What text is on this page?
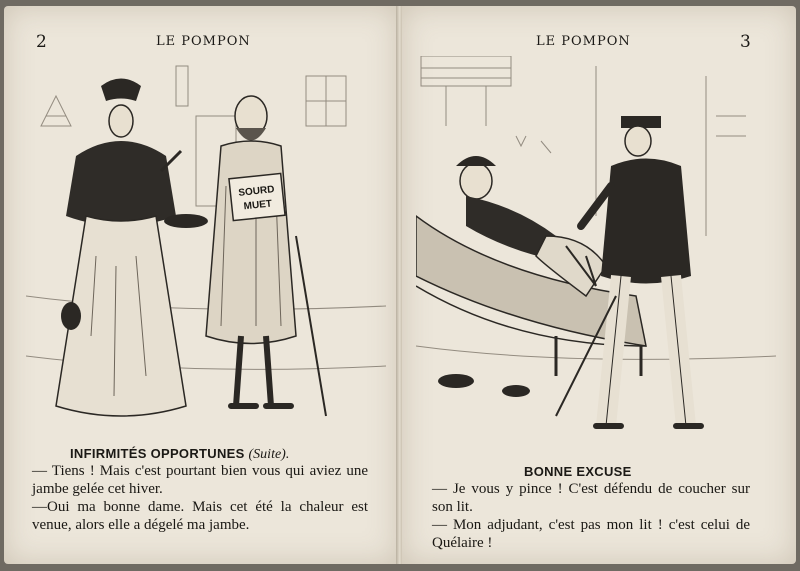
2	LE POMPON
SOURD
MUET
INFIRMITÉS OPPORTUNES (Suite).

— Tiens ! Mais c'est pourtant bien vous qui aviez une jambe gelée cet hiver.

—Oui ma bonne dame. Mais cet été la chaleur est venue, alors elle a dégelé ma jambe.

LE POMPON	3
BONNE EXCUSE

— Je vous y pince ! C'est défendu de coucher sur son lit.

— Mon adjudant, c'est pas mon lit ! c'est celui de Quélaire !
